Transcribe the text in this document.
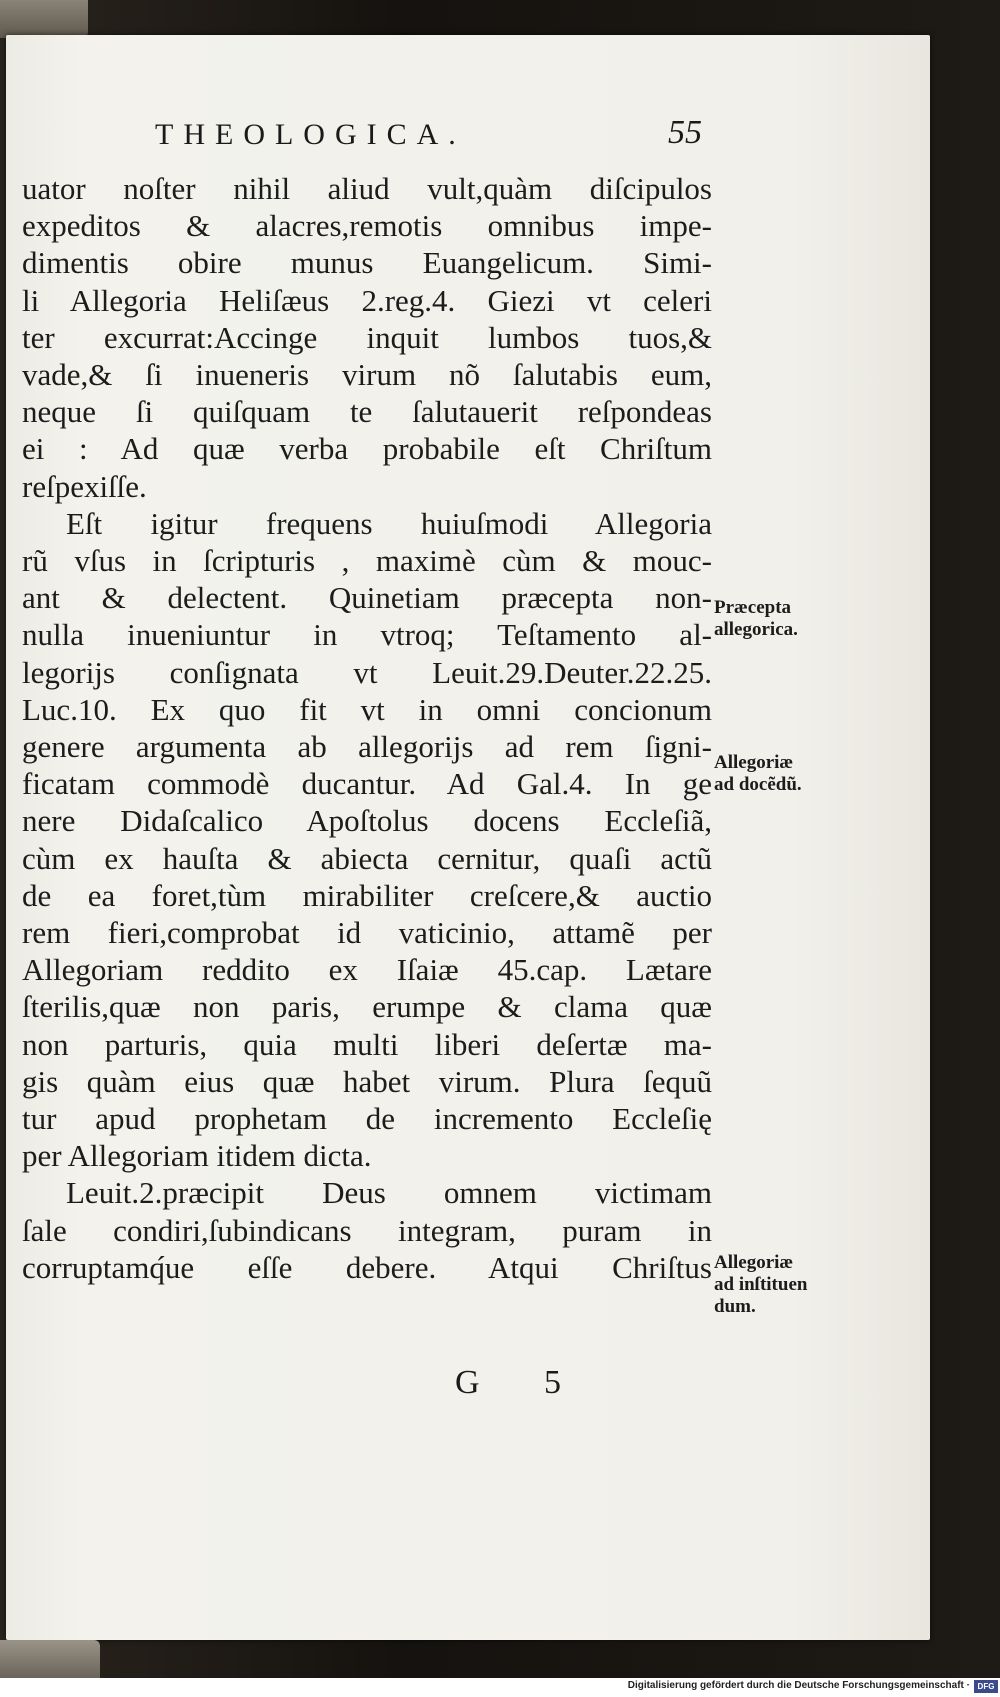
THEOLOGICA.	55
uator noſter nihil aliud vult,quàm diſcipulos
expeditos & alacres,remotis omnibus impe-
dimentis obire munus Euangelicum. Simi-
li Allegoria Heliſæus 2.reg.4. Giezi vt celeri
ter excurrat:Accinge inquit lumbos tuos,&
vade,& ſi inueneris virum nõ ſalutabis eum,
neque ſi quiſquam te ſalutauerit reſpondeas
ei : Ad quæ verba probabile eſt Chriſtum
reſpexiſſe.
Eſt igitur frequens huiuſmodi Allegoria
rũ vſus in ſcripturis , maximè cùm & mouc-
ant & delectent. Quinetiam præcepta non-
nulla inueniuntur in vtroq; Teſtamento al-
legorijs conſignata vt Leuit.29.Deuter.22.25.
Luc.10. Ex quo fit vt in omni concionum
genere argumenta ab allegorijs ad rem ſigni-
ficatam commodè ducantur. Ad Gal.4. In ge
nere Didaſcalico Apoſtolus docens Eccleſiã,
cùm ex hauſta & abiecta cernitur, quaſi actũ
de ea foret,tùm mirabiliter creſcere,& auctio
rem fieri,comprobat id vaticinio, attamẽ per
Allegoriam reddito ex Iſaiæ 45.cap. Lætare
ſterilis,quæ non paris, erumpe & clama quæ
non parturis, quia multi liberi deſertæ ma-
gis quàm eius quæ habet virum. Plura ſequũ
tur apud prophetam de incremento Eccleſię
per Allegoriam itidem dicta.
Leuit.2.præcipit Deus omnem victimam
ſale condiri,ſubindicans integram, puram in
corruptamq́ue eſſe debere. Atqui Chriſtus
Præcepta
allegorica.
Allegoriæ
ad docẽdũ.
Allegoriæ
ad inſtituen
dum.
G 5
Digitalisierung gefördert durch die Deutsche Forschungsgemeinschaft · DFG
